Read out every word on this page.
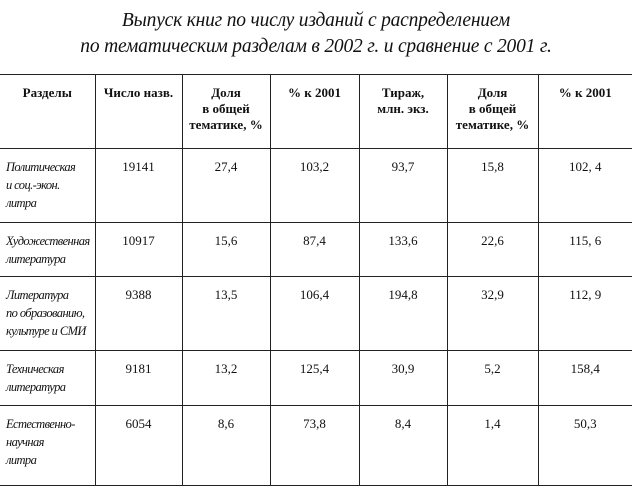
Выпуск книг по числу изданий с распределением
по тематическим разделам в 2002 г. и сравнение с 2001 г.
Разделы	Число назв.	Доля
в общей
тематике, %	% к 2001	Тираж,
млн. экз.	Доля
в общей
тематике, %	% к 2001

Политическая
и соц.-экон.
литра	19141	27,4	103,2	93,7	15,8	102, 4

Художественная
литература	10917	15,6	87,4	133,6	22,6	115, 6

Литература
по образованию,
культуре и СМИ	9388	13,5	106,4	194,8	32,9	112, 9

Техническая
литература	9181	13,2	125,4	30,9	5,2	158,4

Естественно-
научная
литра	6054	8,6	73,8	8,4	1,4	50,3
